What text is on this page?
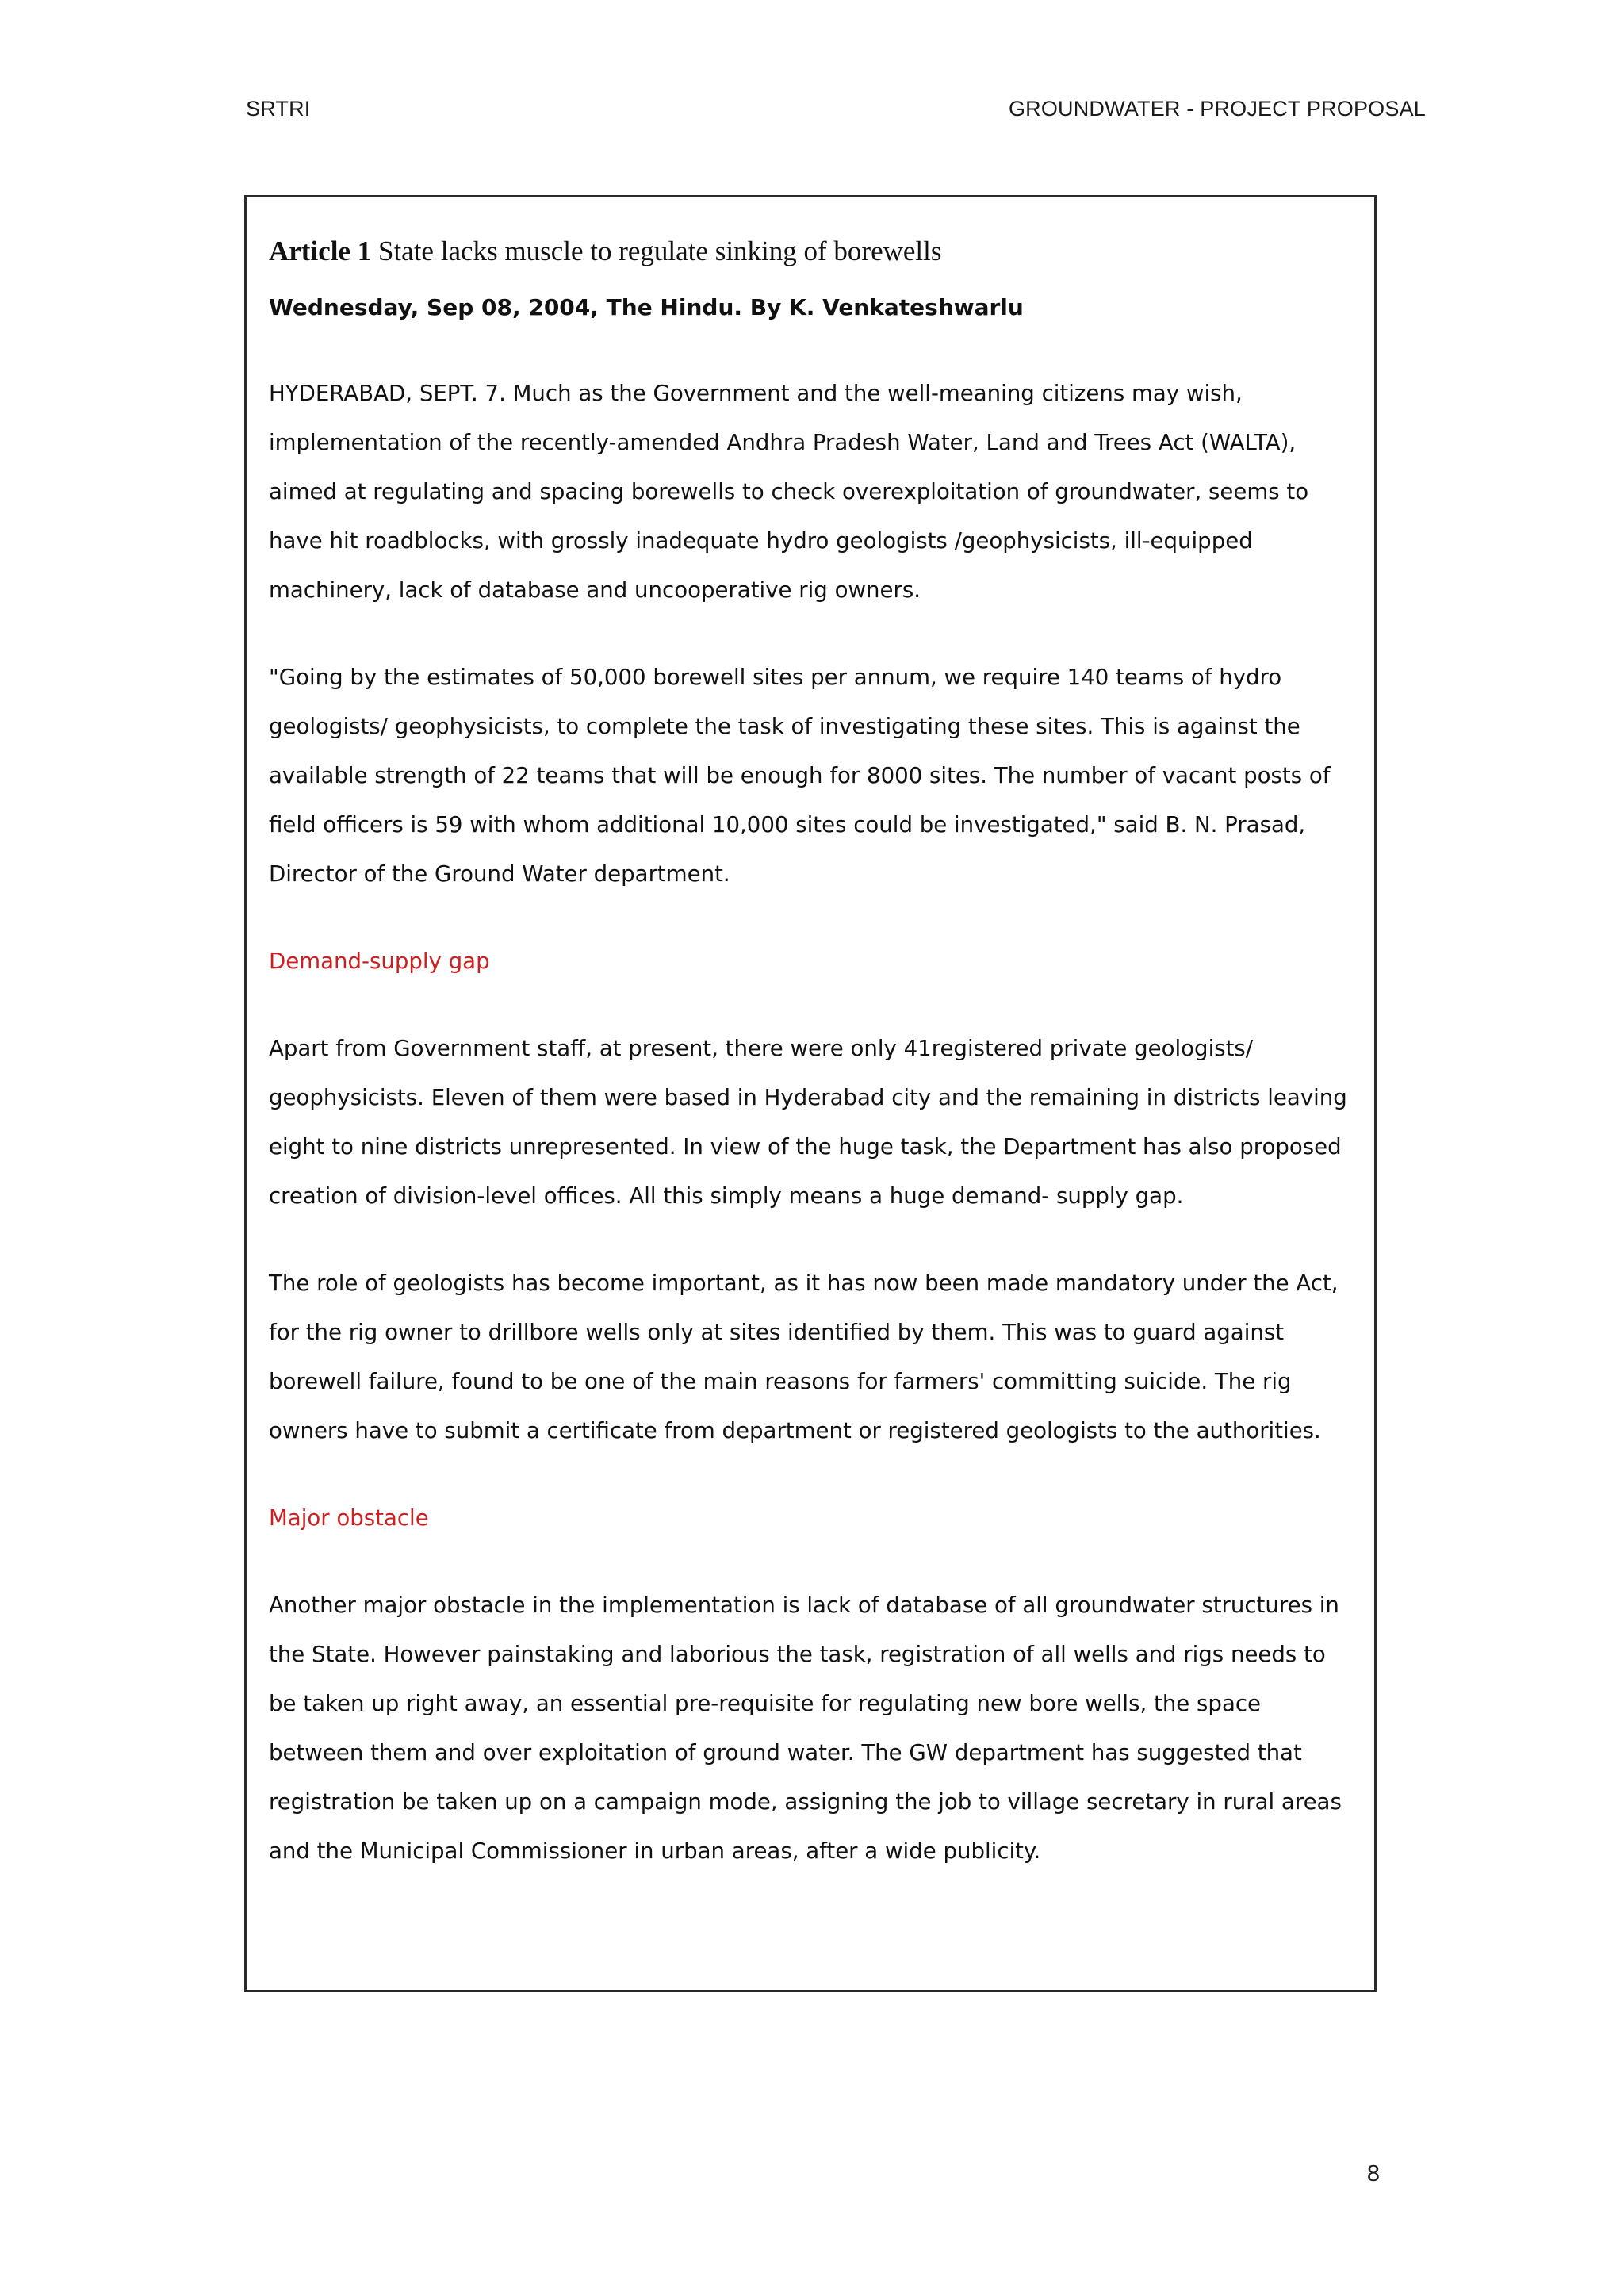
SRTRI	GROUNDWATER - PROJECT PROPOSAL
Article 1 State lacks muscle to regulate sinking of borewells
Wednesday, Sep 08, 2004, The Hindu. By K. Venkateshwarlu
HYDERABAD, SEPT. 7. Much as the Government and the well-meaning citizens may wish,
implementation of the recently-amended Andhra Pradesh Water, Land and Trees Act (WALTA),
aimed at regulating and spacing borewells to check overexploitation of groundwater, seems to
have hit roadblocks, with grossly inadequate hydro geologists /geophysicists, ill-equipped
machinery, lack of database and uncooperative rig owners.
"Going by the estimates of 50,000 borewell sites per annum, we require 140 teams of hydro
geologists/ geophysicists, to complete the task of investigating these sites. This is against the
available strength of 22 teams that will be enough for 8000 sites. The number of vacant posts of
field officers is 59 with whom additional 10,000 sites could be investigated," said B. N. Prasad,
Director of the Ground Water department.
Demand-supply gap
Apart from Government staff, at present, there were only 41registered private geologists/
geophysicists. Eleven of them were based in Hyderabad city and the remaining in districts leaving
eight to nine districts unrepresented. In view of the huge task, the Department has also proposed
creation of division-level offices. All this simply means a huge demand- supply gap.
The role of geologists has become important, as it has now been made mandatory under the Act,
for the rig owner to drillbore wells only at sites identified by them. This was to guard against
borewell failure, found to be one of the main reasons for farmers' committing suicide. The rig
owners have to submit a certificate from department or registered geologists to the authorities.
Major obstacle
Another major obstacle in the implementation is lack of database of all groundwater structures in
the State. However painstaking and laborious the task, registration of all wells and rigs needs to
be taken up right away, an essential pre-requisite for regulating new bore wells, the space
between them and over exploitation of ground water. The GW department has suggested that
registration be taken up on a campaign mode, assigning the job to village secretary in rural areas
and the Municipal Commissioner in urban areas, after a wide publicity.
8
